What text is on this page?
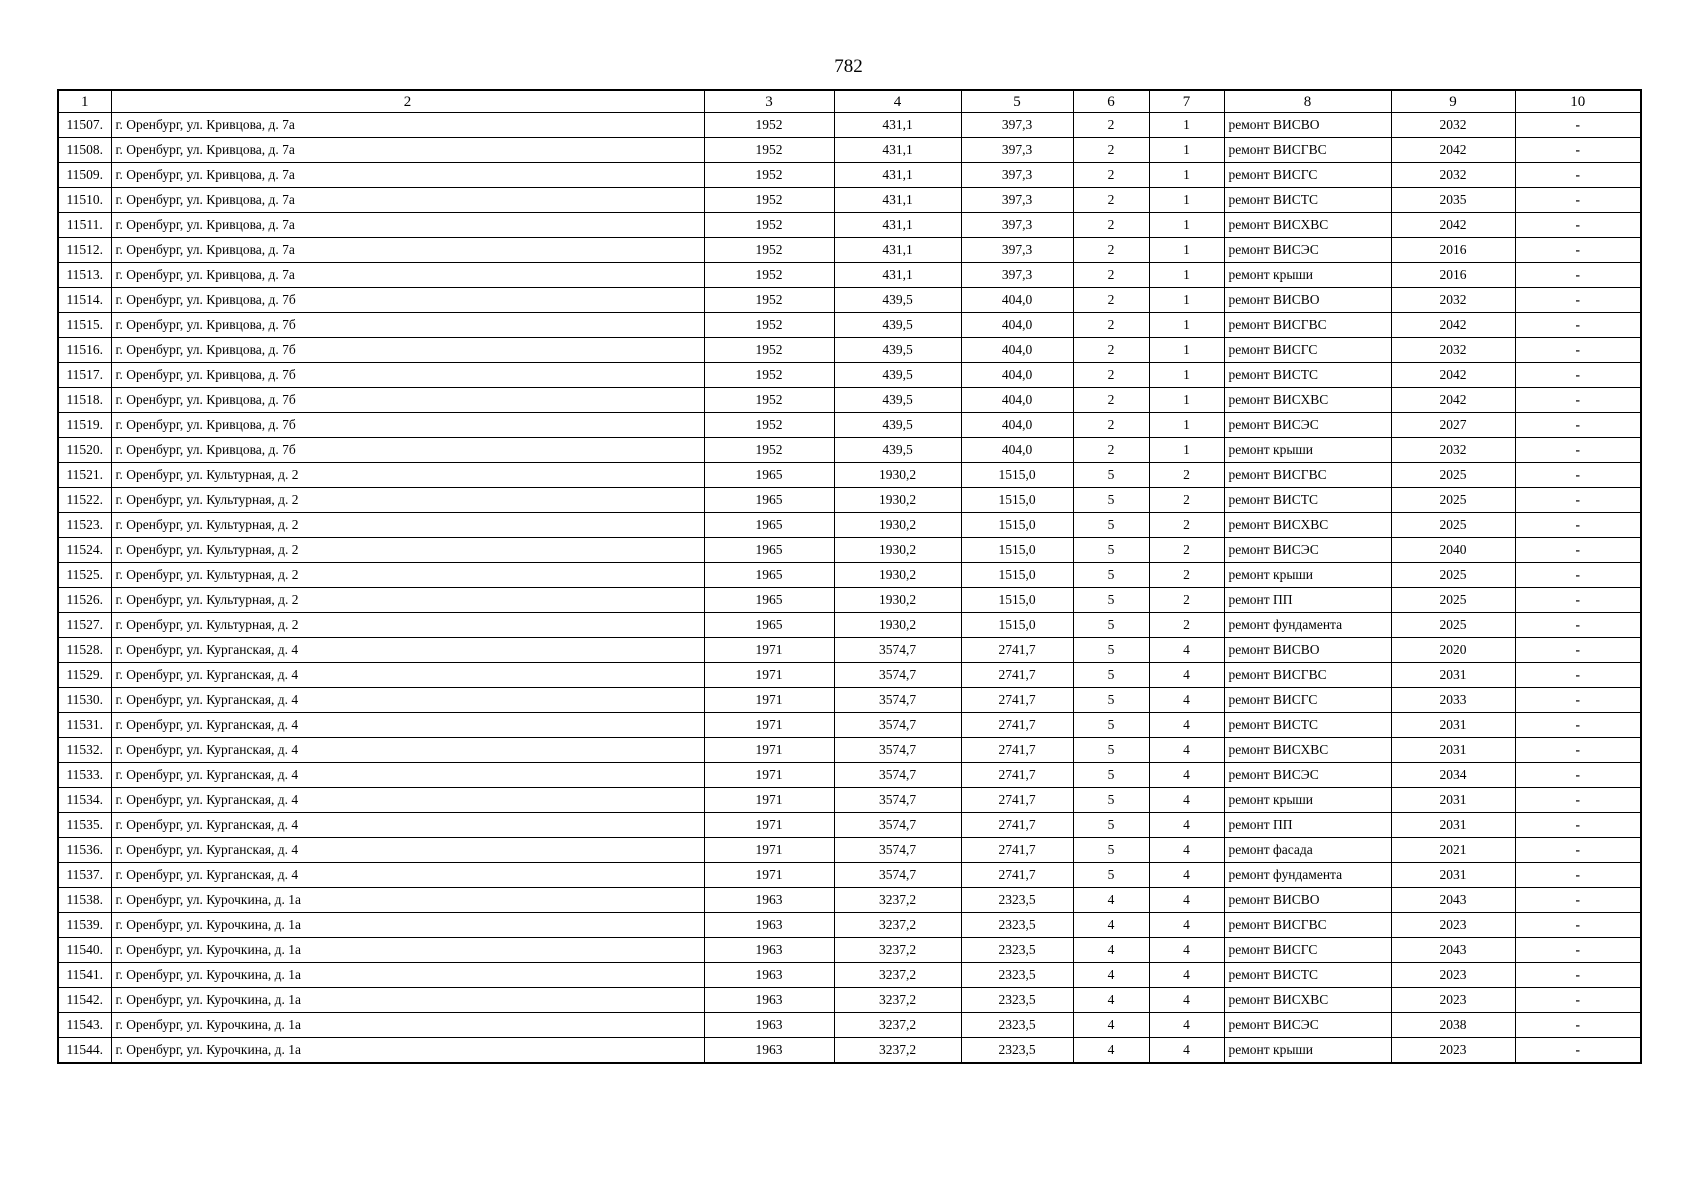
782
1	2	3	4	5	6	7	8	9	10
11507.	г. Оренбург, ул. Кривцова, д. 7а	1952	431,1	397,3	2	1	ремонт ВИСВО	2032	-
11508.	г. Оренбург, ул. Кривцова, д. 7а	1952	431,1	397,3	2	1	ремонт ВИСГВС	2042	-
11509.	г. Оренбург, ул. Кривцова, д. 7а	1952	431,1	397,3	2	1	ремонт ВИСГС	2032	-
11510.	г. Оренбург, ул. Кривцова, д. 7а	1952	431,1	397,3	2	1	ремонт ВИСТС	2035	-
11511.	г. Оренбург, ул. Кривцова, д. 7а	1952	431,1	397,3	2	1	ремонт ВИСХВС	2042	-
11512.	г. Оренбург, ул. Кривцова, д. 7а	1952	431,1	397,3	2	1	ремонт ВИСЭС	2016	-
11513.	г. Оренбург, ул. Кривцова, д. 7а	1952	431,1	397,3	2	1	ремонт крыши	2016	-
11514.	г. Оренбург, ул. Кривцова, д. 7б	1952	439,5	404,0	2	1	ремонт ВИСВО	2032	-
11515.	г. Оренбург, ул. Кривцова, д. 7б	1952	439,5	404,0	2	1	ремонт ВИСГВС	2042	-
11516.	г. Оренбург, ул. Кривцова, д. 7б	1952	439,5	404,0	2	1	ремонт ВИСГС	2032	-
11517.	г. Оренбург, ул. Кривцова, д. 7б	1952	439,5	404,0	2	1	ремонт ВИСТС	2042	-
11518.	г. Оренбург, ул. Кривцова, д. 7б	1952	439,5	404,0	2	1	ремонт ВИСХВС	2042	-
11519.	г. Оренбург, ул. Кривцова, д. 7б	1952	439,5	404,0	2	1	ремонт ВИСЭС	2027	-
11520.	г. Оренбург, ул. Кривцова, д. 7б	1952	439,5	404,0	2	1	ремонт крыши	2032	-
11521.	г. Оренбург, ул. Культурная, д. 2	1965	1930,2	1515,0	5	2	ремонт ВИСГВС	2025	-
11522.	г. Оренбург, ул. Культурная, д. 2	1965	1930,2	1515,0	5	2	ремонт ВИСТС	2025	-
11523.	г. Оренбург, ул. Культурная, д. 2	1965	1930,2	1515,0	5	2	ремонт ВИСХВС	2025	-
11524.	г. Оренбург, ул. Культурная, д. 2	1965	1930,2	1515,0	5	2	ремонт ВИСЭС	2040	-
11525.	г. Оренбург, ул. Культурная, д. 2	1965	1930,2	1515,0	5	2	ремонт крыши	2025	-
11526.	г. Оренбург, ул. Культурная, д. 2	1965	1930,2	1515,0	5	2	ремонт ПП	2025	-
11527.	г. Оренбург, ул. Культурная, д. 2	1965	1930,2	1515,0	5	2	ремонт фундамента	2025	-
11528.	г. Оренбург, ул. Курганская, д. 4	1971	3574,7	2741,7	5	4	ремонт ВИСВО	2020	-
11529.	г. Оренбург, ул. Курганская, д. 4	1971	3574,7	2741,7	5	4	ремонт ВИСГВС	2031	-
11530.	г. Оренбург, ул. Курганская, д. 4	1971	3574,7	2741,7	5	4	ремонт ВИСГС	2033	-
11531.	г. Оренбург, ул. Курганская, д. 4	1971	3574,7	2741,7	5	4	ремонт ВИСТС	2031	-
11532.	г. Оренбург, ул. Курганская, д. 4	1971	3574,7	2741,7	5	4	ремонт ВИСХВС	2031	-
11533.	г. Оренбург, ул. Курганская, д. 4	1971	3574,7	2741,7	5	4	ремонт ВИСЭС	2034	-
11534.	г. Оренбург, ул. Курганская, д. 4	1971	3574,7	2741,7	5	4	ремонт крыши	2031	-
11535.	г. Оренбург, ул. Курганская, д. 4	1971	3574,7	2741,7	5	4	ремонт ПП	2031	-
11536.	г. Оренбург, ул. Курганская, д. 4	1971	3574,7	2741,7	5	4	ремонт фасада	2021	-
11537.	г. Оренбург, ул. Курганская, д. 4	1971	3574,7	2741,7	5	4	ремонт фундамента	2031	-
11538.	г. Оренбург, ул. Курочкина, д. 1а	1963	3237,2	2323,5	4	4	ремонт ВИСВО	2043	-
11539.	г. Оренбург, ул. Курочкина, д. 1а	1963	3237,2	2323,5	4	4	ремонт ВИСГВС	2023	-
11540.	г. Оренбург, ул. Курочкина, д. 1а	1963	3237,2	2323,5	4	4	ремонт ВИСГС	2043	-
11541.	г. Оренбург, ул. Курочкина, д. 1а	1963	3237,2	2323,5	4	4	ремонт ВИСТС	2023	-
11542.	г. Оренбург, ул. Курочкина, д. 1а	1963	3237,2	2323,5	4	4	ремонт ВИСХВС	2023	-
11543.	г. Оренбург, ул. Курочкина, д. 1а	1963	3237,2	2323,5	4	4	ремонт ВИСЭС	2038	-
11544.	г. Оренбург, ул. Курочкина, д. 1а	1963	3237,2	2323,5	4	4	ремонт крыши	2023	-
